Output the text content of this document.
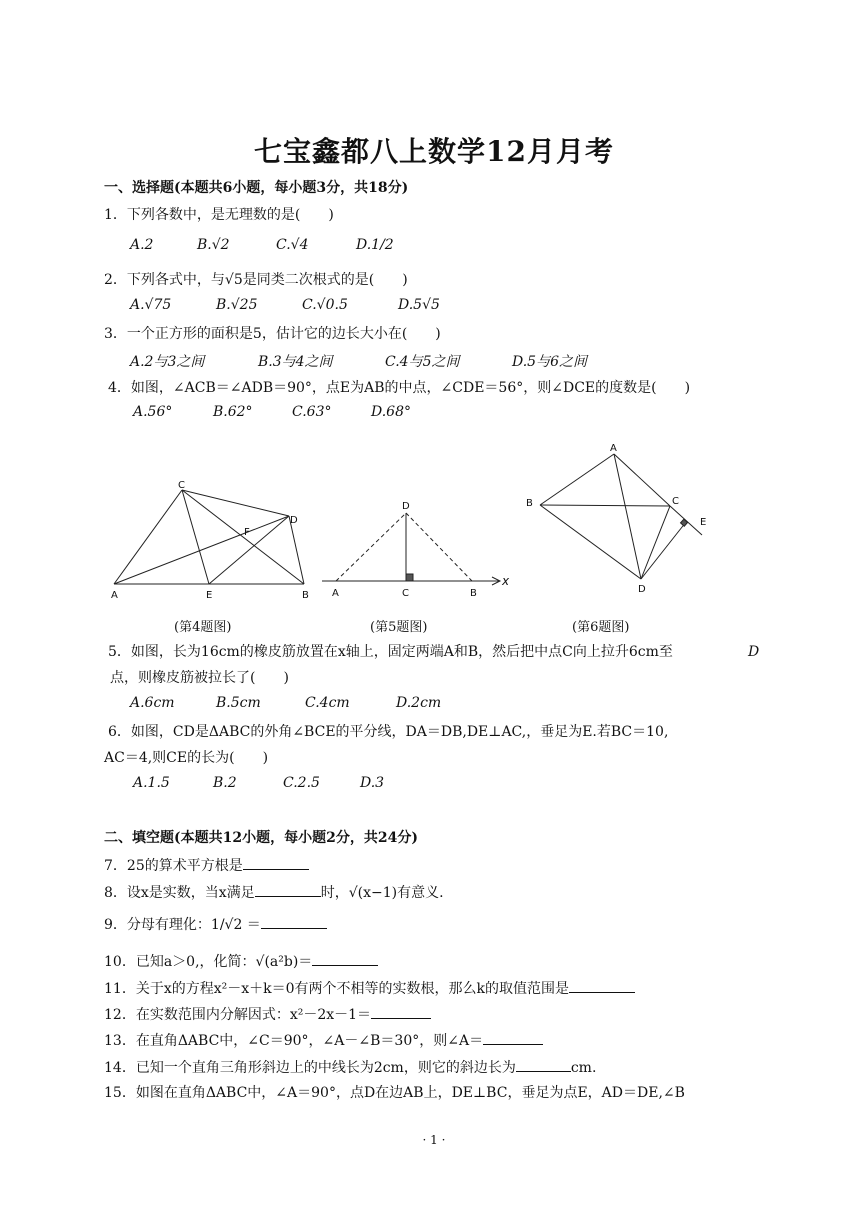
七宝鑫都八上数学12月月考
一、选择题(本题共6小题，每小题3分，共18分)
1．下列各数中，是无理数的是(　　)
A.2	B.√2	C.√4	D.1/2
2．下列各式中，与√5是同类二次根式的是(　　)
A.√75	B.√25	C.√0.5	D.5√5
3．一个正方形的面积是5，估计它的边长大小在(　　)
A.2与3之间	B.3与4之间	C.4与5之间	D.5与6之间
4．如图，∠ACB＝∠ADB＝90°，点E为AB的中点，∠CDE＝56°，则∠DCE的度数是(　　)
A.56°	B.62°	C.63°	D.68°
C
D
F
A	E	B
(第4题图)
D
A	C	B
x
(第5题图)
A
B	C
E
D
(第6题图)
5．如图，长为16cm的橡皮筋放置在x轴上，固定两端A和B，然后把中点C向上拉升6cm至	D
点，则橡皮筋被拉长了(　　)
A.6cm	B.5cm	C.4cm	D.2cm
6．如图，CD是ΔABC的外角∠BCE的平分线，DA＝DB,DE⊥AC,，垂足为E.若BC＝10,
AC＝4,则CE的长为(　　)
A.1.5	B.2	C.2.5	D.3
二、填空题(本题共12小题，每小题2分，共24分)
7．25的算术平方根是
8．设x是实数，当x满足	时，√(x−1)有意义.
9．分母有理化：1/√2 ＝
10．已知a＞0,，化简：√(a²b)＝
11．关于x的方程x²－x＋k＝0有两个不相等的实数根，那么k的取值范围是
12．在实数范围内分解因式：x²－2x－1＝
13．在直角ΔABC中，∠C＝90°，∠A－∠B＝30°，则∠A＝
14．已知一个直角三角形斜边上的中线长为2cm，则它的斜边长为	cm.
15．如图在直角ΔABC中，∠A＝90°，点D在边AB上，DE⊥BC，垂足为点E，AD＝DE,∠B
· 1 ·
